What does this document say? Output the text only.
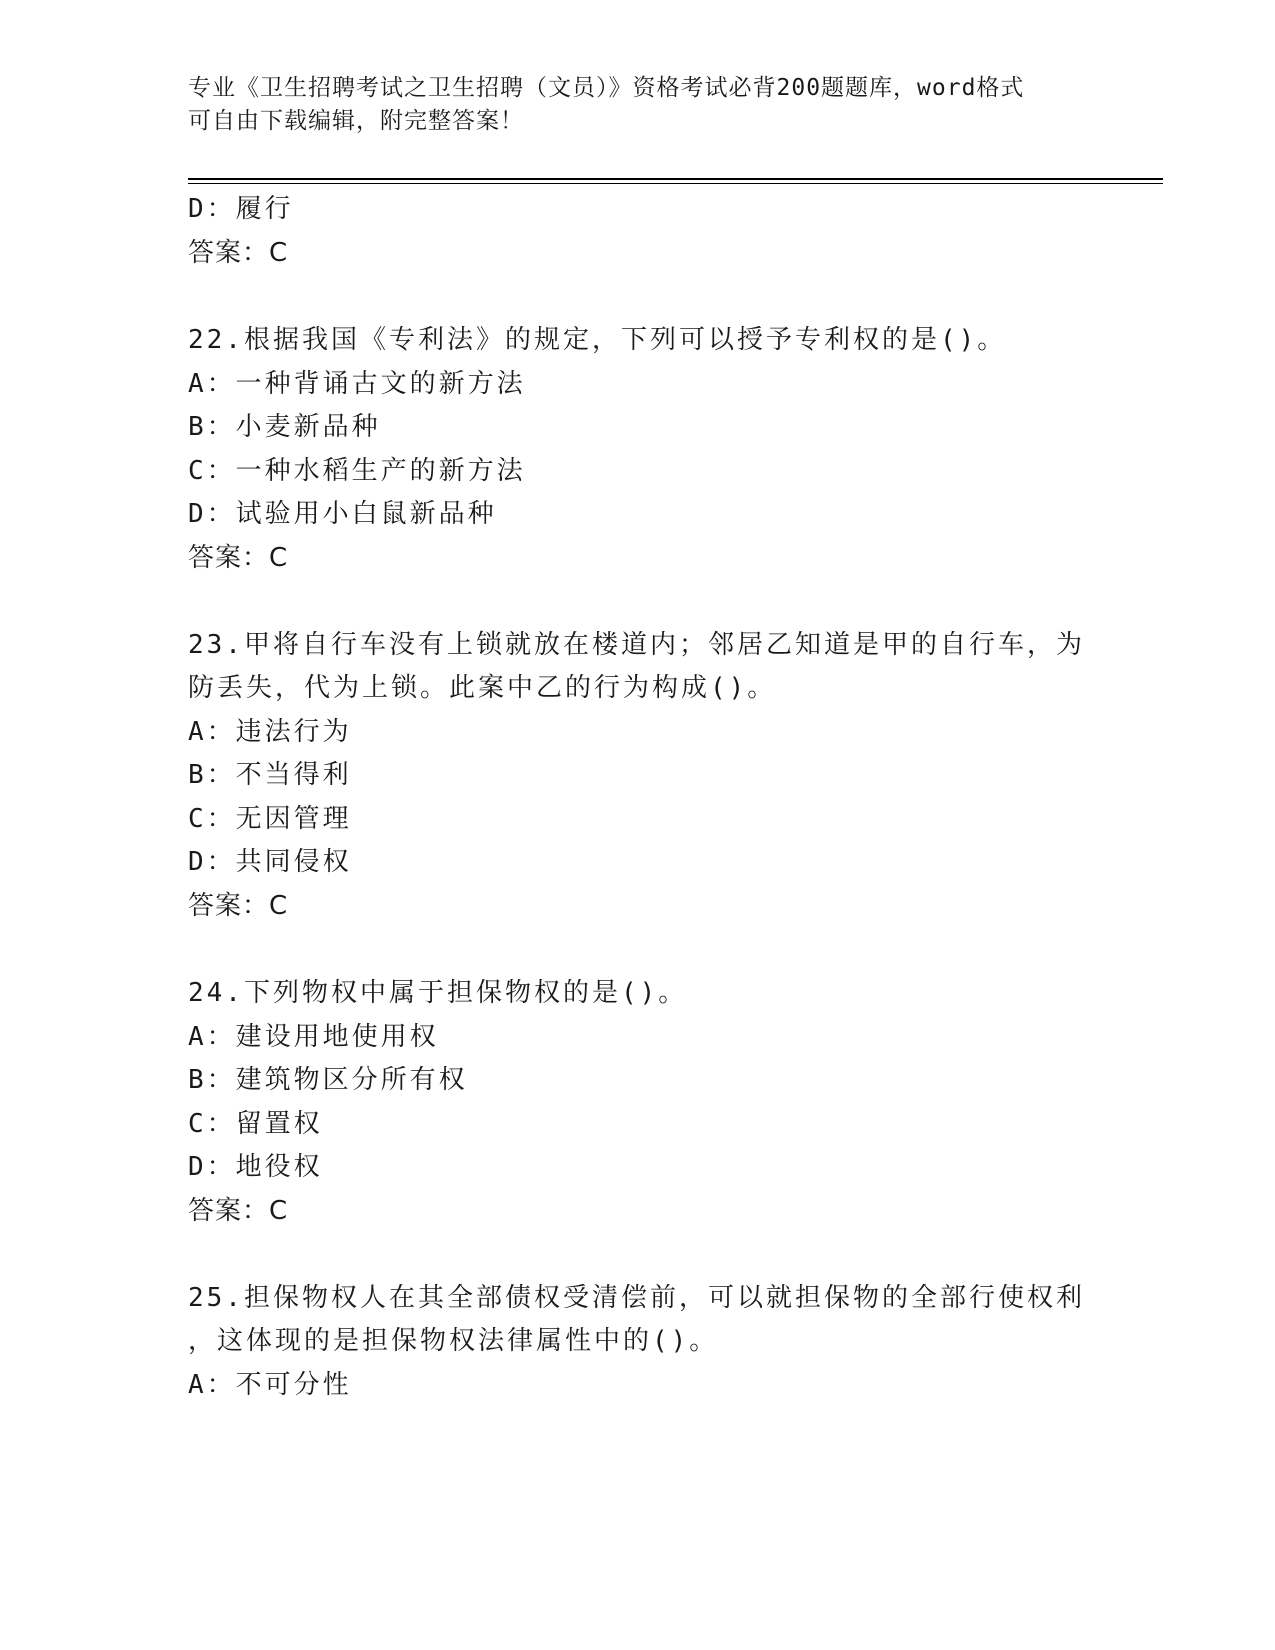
专业《卫生招聘考试之卫生招聘（文员）》资格考试必背200题题库，word格式

可自由下载编辑，附完整答案！

D：履行
答案：C
22.根据我国《专利法》的规定，下列可以授予专利权的是()。
A：一种背诵古文的新方法
B：小麦新品种
C：一种水稻生产的新方法
D：试验用小白鼠新品种
答案：C
23.甲将自行车没有上锁就放在楼道内；邻居乙知道是甲的自行车，为
防丢失，代为上锁。此案中乙的行为构成()。
A：违法行为
B：不当得利
C：无因管理
D：共同侵权
答案：C
24.下列物权中属于担保物权的是()。
A：建设用地使用权
B：建筑物区分所有权
C：留置权
D：地役权
答案：C
25.担保物权人在其全部债权受清偿前，可以就担保物的全部行使权利
，这体现的是担保物权法律属性中的()。
A：不可分性
